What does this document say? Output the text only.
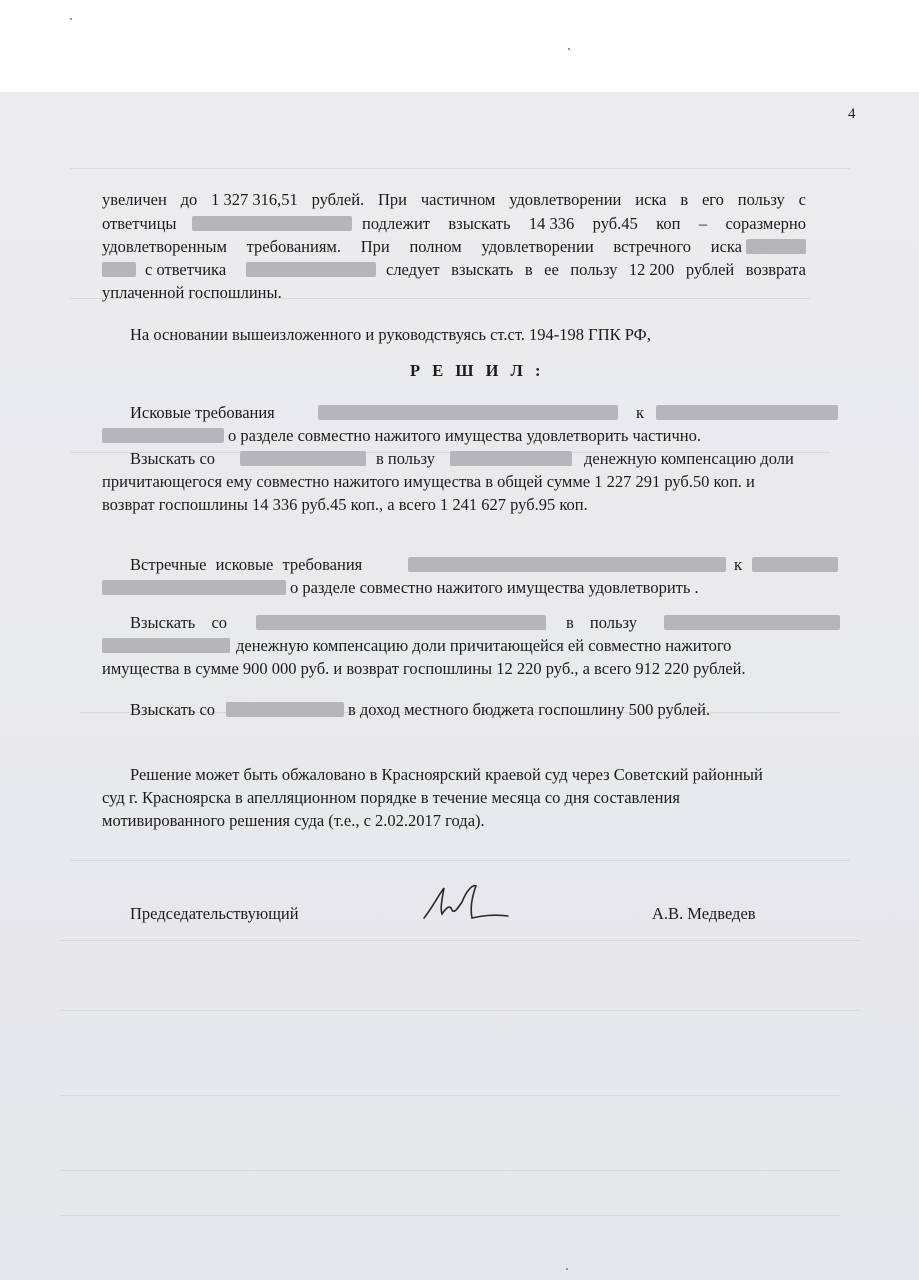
4
увеличен до 1 327 316,51 рублей. При частичном удовлетворении иска в его пользу с
ответчицы	подлежит взыскать 14 336 руб.45 коп – соразмерно
удовлетворенным требованиям. При полном удовлетворении встречного иска
с ответчика	следует взыскать в ее пользу 12 200 рублей возврата
уплаченной госпошлины.
На основании вышеизложенного и руководствуясь ст.ст. 194-198 ГПК РФ,
Р Е Ш И Л :
Исковые требования	к
о разделе совместно нажитого имущества удовлетворить частично.
Взыскать со	в пользу	денежную компенсацию доли
причитающегося ему совместно нажитого имущества в общей сумме 1 227 291 руб.50 коп. и
возврат госпошлины 14 336 руб.45 коп., а всего 1 241 627 руб.95 коп.
Встречные исковые требования	к
о разделе совместно нажитого имущества удовлетворить .
Взыскать со	в пользу
денежную компенсацию доли причитающейся ей совместно нажитого
имущества в сумме 900 000 руб. и возврат госпошлины 12 220 руб., а всего 912 220 рублей.
Взыскать со	в доход местного бюджета госпошлину 500 рублей.
Решение может быть обжаловано в Красноярский краевой суд через Советский районный
суд г. Красноярска в апелляционном порядке в течение месяца со дня составления
мотивированного решения суда (т.е., с 2.02.2017 года).
Председательствующий	А.В. Медведев
